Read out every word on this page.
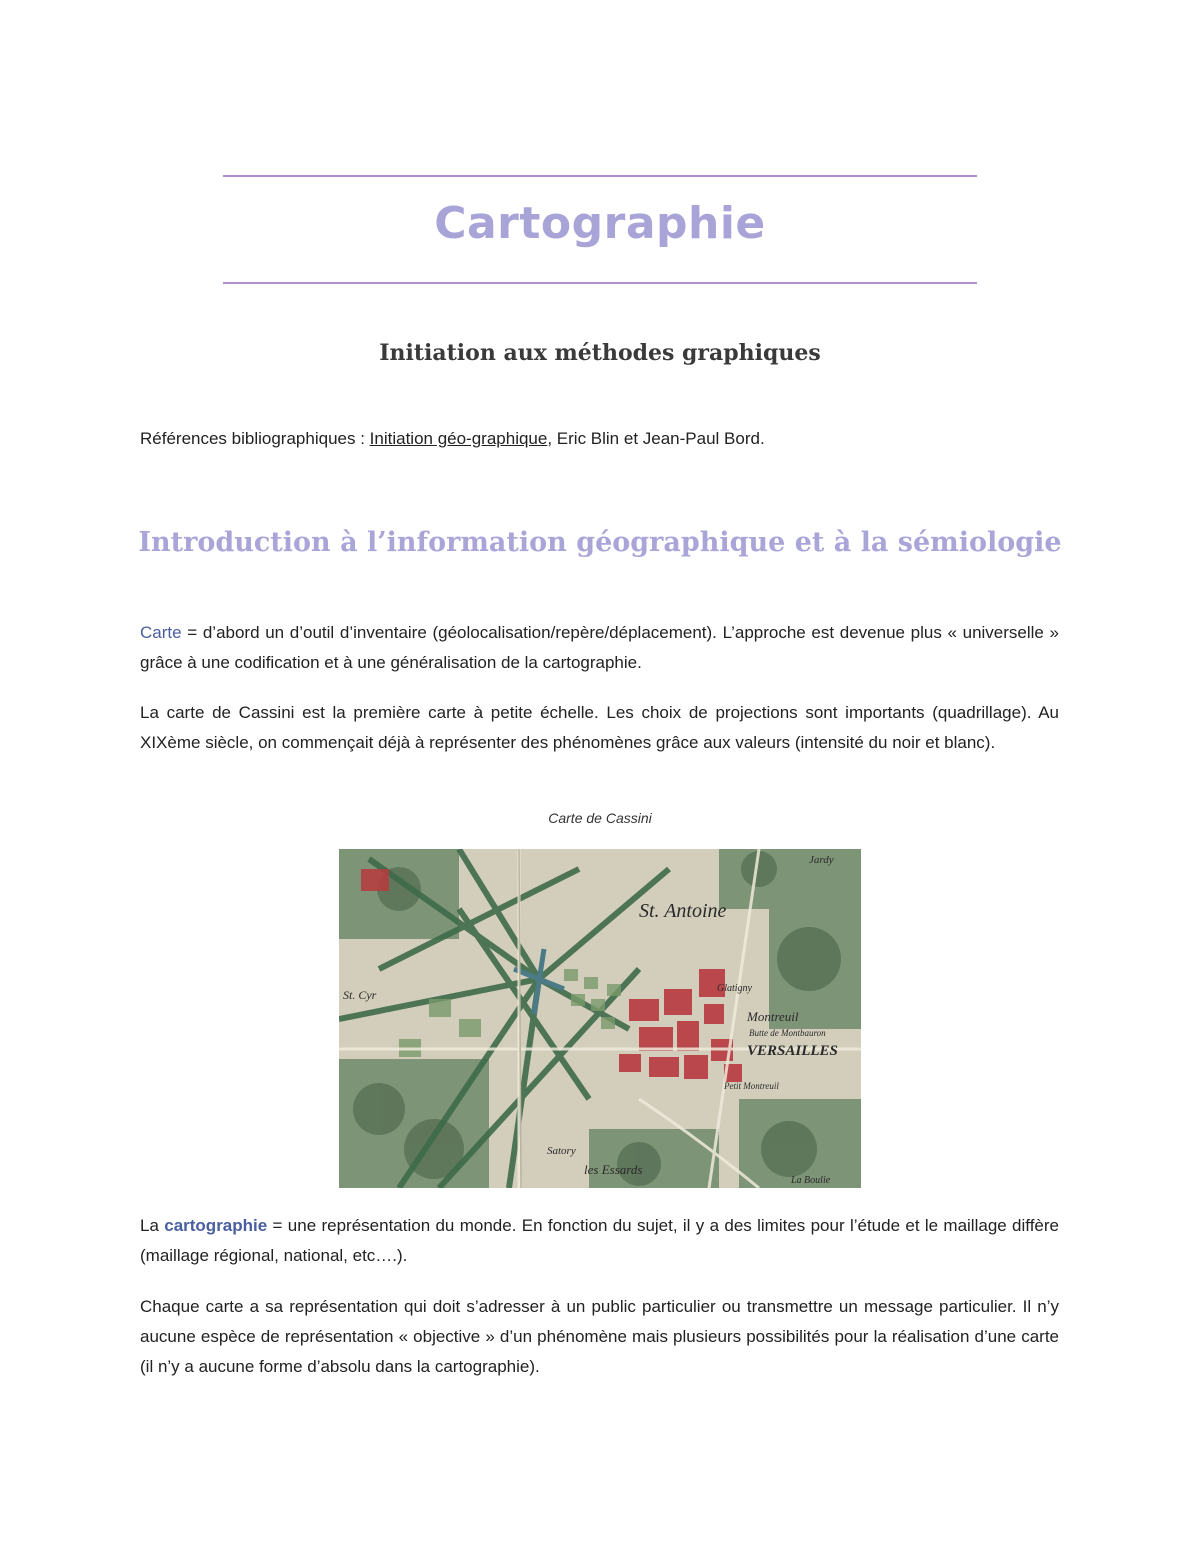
Cartographie
Initiation aux méthodes graphiques
Références bibliographiques : Initiation géo-graphique, Eric Blin et Jean-Paul Bord.
Introduction à l’information géographique et à la sémiologie
Carte = d’abord un d’outil d’inventaire (géolocalisation/repère/déplacement). L’approche est devenue plus « universelle » grâce à une codification et à une généralisation de la cartographie.
La carte de Cassini est la première carte à petite échelle. Les choix de projections sont importants (quadrillage). Au XIXème siècle, on commençait déjà à représenter des phénomènes grâce aux valeurs (intensité du noir et blanc).
Carte de Cassini
St. Antoine
Montreuil
Butte de Montbauron
VERSAILLES
St. Cyr
Satory
les Essards
Jardy
Glatigny
Petit Montreuil
La Boulie
La cartographie = une représentation du monde. En fonction du sujet, il y a des limites pour l’étude et le maillage diffère (maillage régional, national, etc….).
Chaque carte a sa représentation qui doit s’adresser à un public particulier ou transmettre un message particulier. Il n’y aucune espèce de représentation « objective » d’un phénomène mais plusieurs possibilités pour la réalisation d’une carte (il n’y a aucune forme d’absolu dans la cartographie).
